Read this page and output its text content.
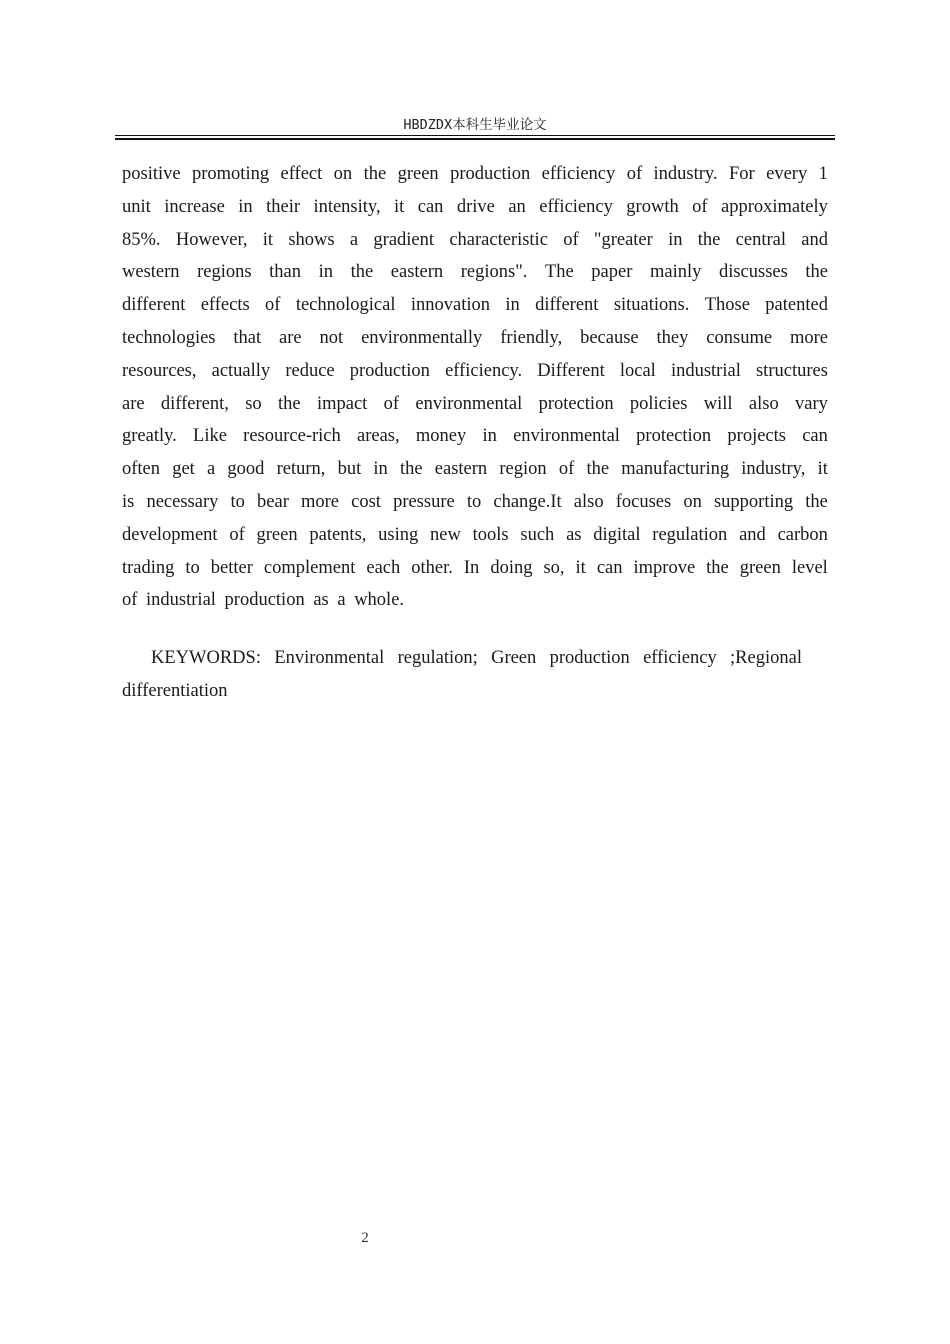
HBDZDX本科生毕业论文
positive promoting effect on the green production efficiency of industry. For every 1
unit increase in their intensity, it can drive an efficiency growth of approximately
85%. However, it shows a gradient characteristic of "greater in the central and
western regions than in the eastern regions". The paper mainly discusses the
different effects of technological innovation in different situations. Those patented
technologies that are not environmentally friendly, because they consume more
resources, actually reduce production efficiency. Different local industrial structures
are different, so the impact of environmental protection policies will also vary
greatly. Like resource-rich areas, money in environmental protection projects can
often get a good return, but in the eastern region of the manufacturing industry, it
is necessary to bear more cost pressure to change.It also focuses on supporting the
development of green patents, using new tools such as digital regulation and carbon
trading to better complement each other. In doing so, it can improve the green level
of industrial production as a whole.
KEYWORDS: Environmental regulation; Green production efficiency ;Regional
differentiation
2
